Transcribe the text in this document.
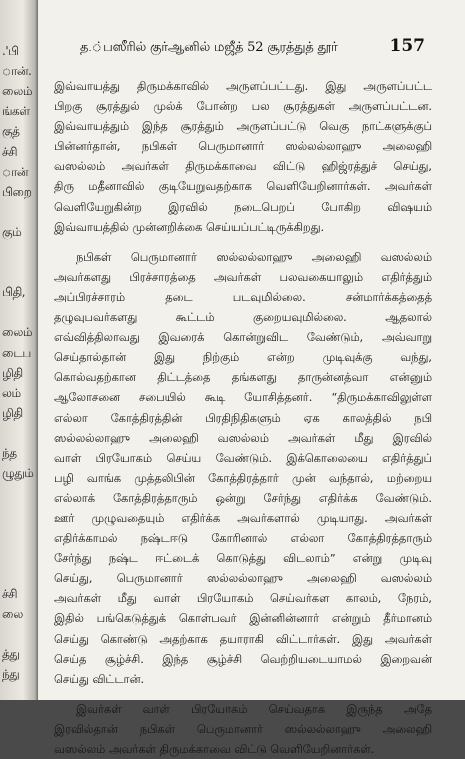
.'பி
ான்.
லைம்
ங்கள்
குத்
ச்சி
ான்
பிறை
கும்
பிதி,
லைம்
டைப
ழிதி
லம்
ழிதி
ந்த
ழுதும்
ச்சி
லை
த்து
ந்து
த.்பஸீரில் குர்ஆனில் மஜீத் 52 சூரத்துத் தூர்	157
இவ்வாயத்து திருமக்காவில் அருளப்பட்டது. இது அருளப்பட்ட
பிறகு சூரத்துல் முல்க் போன்ற பல சூரத்துகள் அருளப்பட்டன.
இவ்வாயத்தும் இந்த சூரத்தும் அருளப்பட்டு வெகு நாட்களுக்குப்
பின்னர்தான், நபிகள் பெருமானார் ஸல்லல்லாஹு அலைஹி
வஸல்லம் அவர்கள் திருமக்காவை விட்டு ஹிஜ்ரத்துச் செய்து,
திரு மதீனாவில் குடியேறுவதற்காக வெளியேறினார்கள். அவர்கள்
வெளியேறுகின்ற இரவில் நடைபெறப் போகிற விஷயம்
இவ்வாயத்தில் முன்னறிக்கை செய்யப்பட்டிருக்கிறது.
நபிகள் பெருமானார் ஸல்லல்லாஹு அலைஹி வஸல்லம்
அவர்களது பிரச்சாரத்தை அவர்கள் பலவகையாலும் எதிர்த்தும்
அப்பிரச்சாரம் தடை படவுமில்லை. சன்மார்க்கத்தைத்
தழுவுபவர்களது கூட்டம் குறையவுமில்லை. ஆதலால்
எவ்வித்திலாவது இவரைக் கொன்றுவிட வேண்டும், அவ்வாறு
செய்தால்தான் இது நிற்கும் என்ற முடிவுக்கு வந்து,
கொல்வதற்கான திட்டத்தை தங்களது தாருன்னத்வா என்னும்
ஆலோசனை சபையில் கூடி யோசித்தனர். “திருமக்காவிலுள்ள
எல்லா கோத்திரத்தின் பிரதிநிதிகளும் ஏக காலத்தில் நபி
ஸல்லல்லாஹு அலைஹி வஸல்லம் அவர்கள் மீது இரவில்
வாள் பிரயோகம் செய்ய வேண்டும். இக்கொலையை எதிர்த்துப்
பழி வாங்க முத்தலிபின் கோத்திரத்தார் முன் வந்தால், மற்றைய
எல்லாக் கோத்திரத்தாரும் ஒன்று சேர்ந்து எதிர்க்க வேண்டும்.
ஊர் முழுவதையும் எதிர்க்க அவர்களால் முடியாது. அவர்கள்
எதிர்க்காமல் நஷ்டஈடு கோரினால் எல்லா கோத்திரத்தாரும்
சேர்ந்து நஷ்ட ஈட்டைக் கொடுத்து விடலாம்” என்று முடிவு
செய்து, பெருமானார் ஸல்லல்லாஹு அலைஹி வஸல்லம்
அவர்கள் மீது வாள் பிரயோகம் செய்வர்கள காலம், நேரம்,
இதில் பங்கெடுத்துக் கொள்பவர் இன்னின்னார் என்றும் தீர்மானம்
செய்து கொண்டு அதற்காக தயாராகி விட்டார்கள். இது அவர்கள்
செய்த சூழ்ச்சி. இந்த சூழ்ச்சி வெற்றியடையாமல் இறைவன்
செய்து விட்டான்.
இவர்கள் வாள் பிரயோகம் செய்வதாக இருந்த அதே
இரவில்தான் நபிகள் பெருமானார் ஸல்லல்லாஹு அலைஹி
வஸல்லம் அவர்கள் திருமக்காவை விட்டு வெளியேறினார்கள்.
